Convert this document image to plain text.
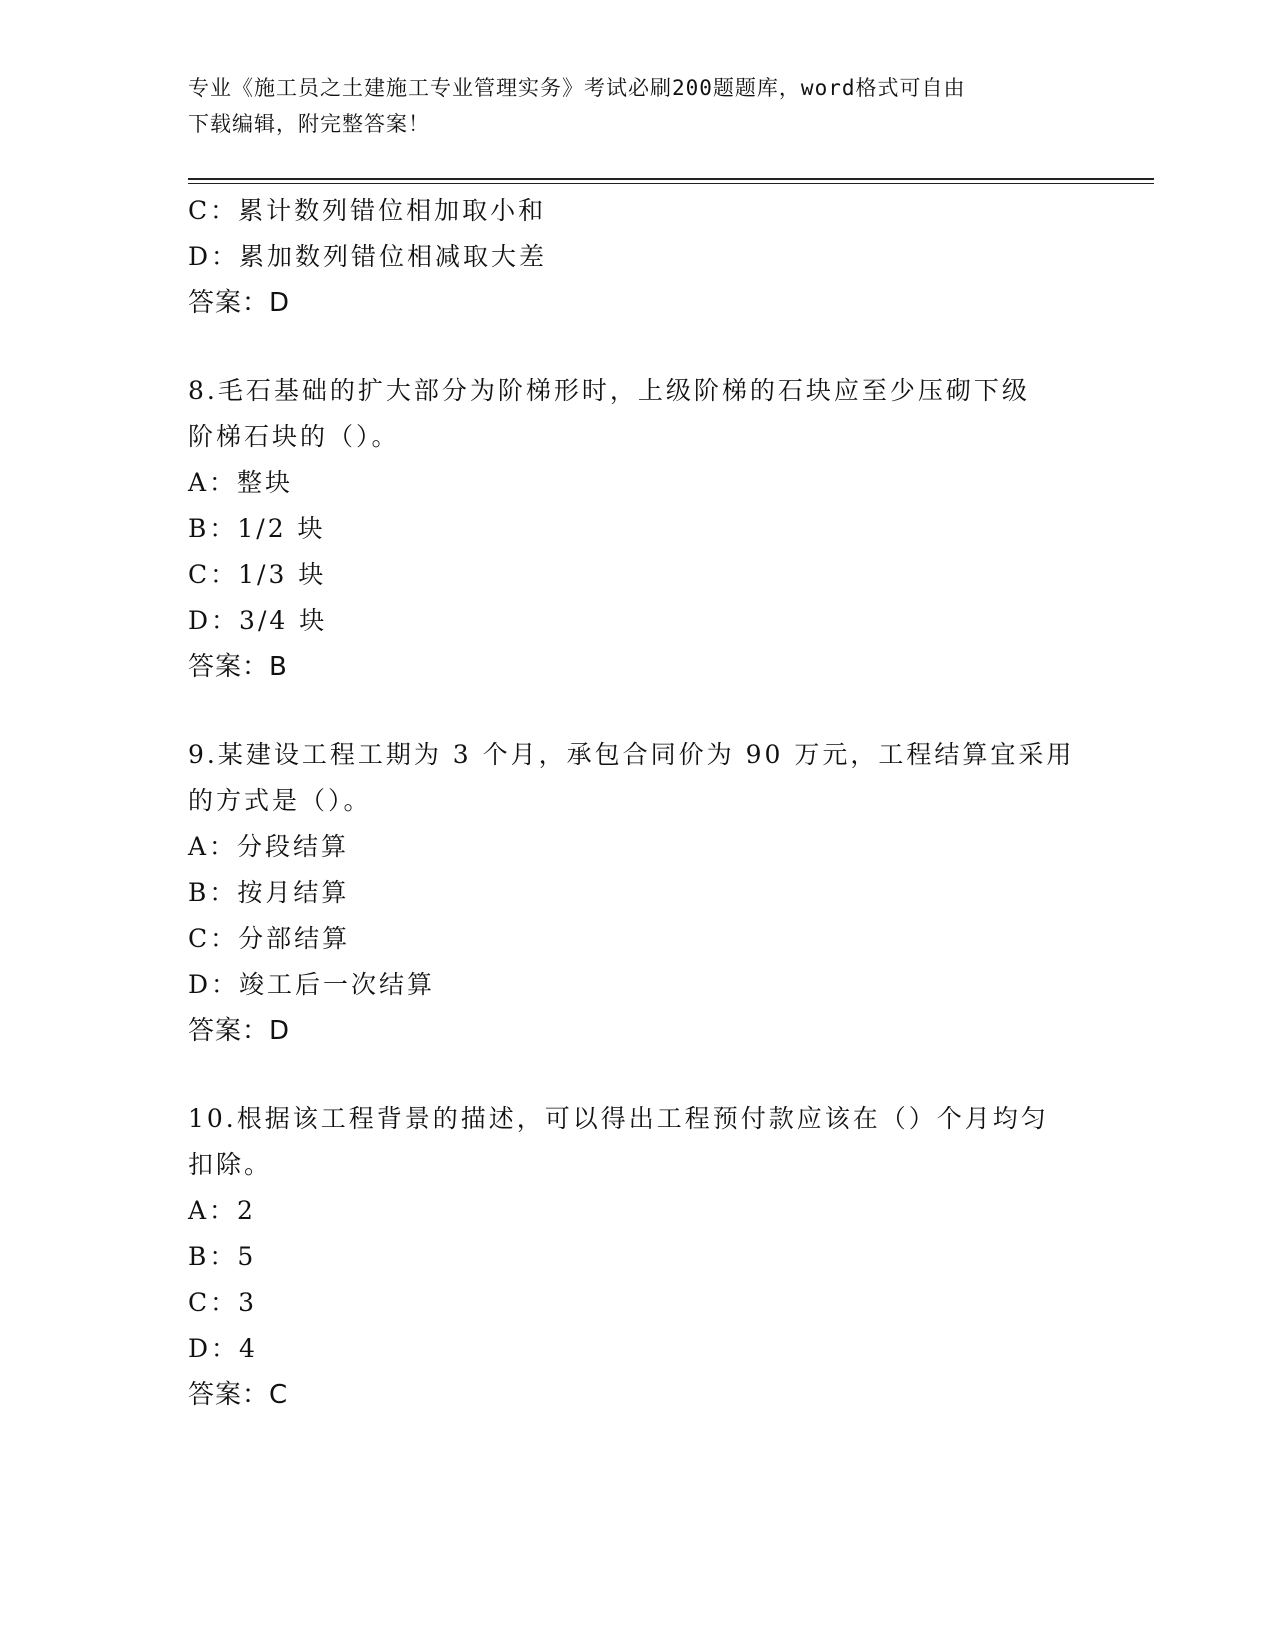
专业《施工员之土建施工专业管理实务》考试必刷200题题库，word格式可自由
下载编辑，附完整答案！
C：累计数列错位相加取小和
D：累加数列错位相减取大差
答案：D
8.毛石基础的扩大部分为阶梯形时，上级阶梯的石块应至少压砌下级
阶梯石块的（）。
A：整块
B：1/2 块
C：1/3 块
D：3/4 块
答案：B
9.某建设工程工期为 3 个月，承包合同价为 90 万元，工程结算宜采用
的方式是（）。
A：分段结算
B：按月结算
C：分部结算
D：竣工后一次结算
答案：D
10.根据该工程背景的描述，可以得出工程预付款应该在（）个月均匀
扣除。
A：2
B：5
C：3
D：4
答案：C
